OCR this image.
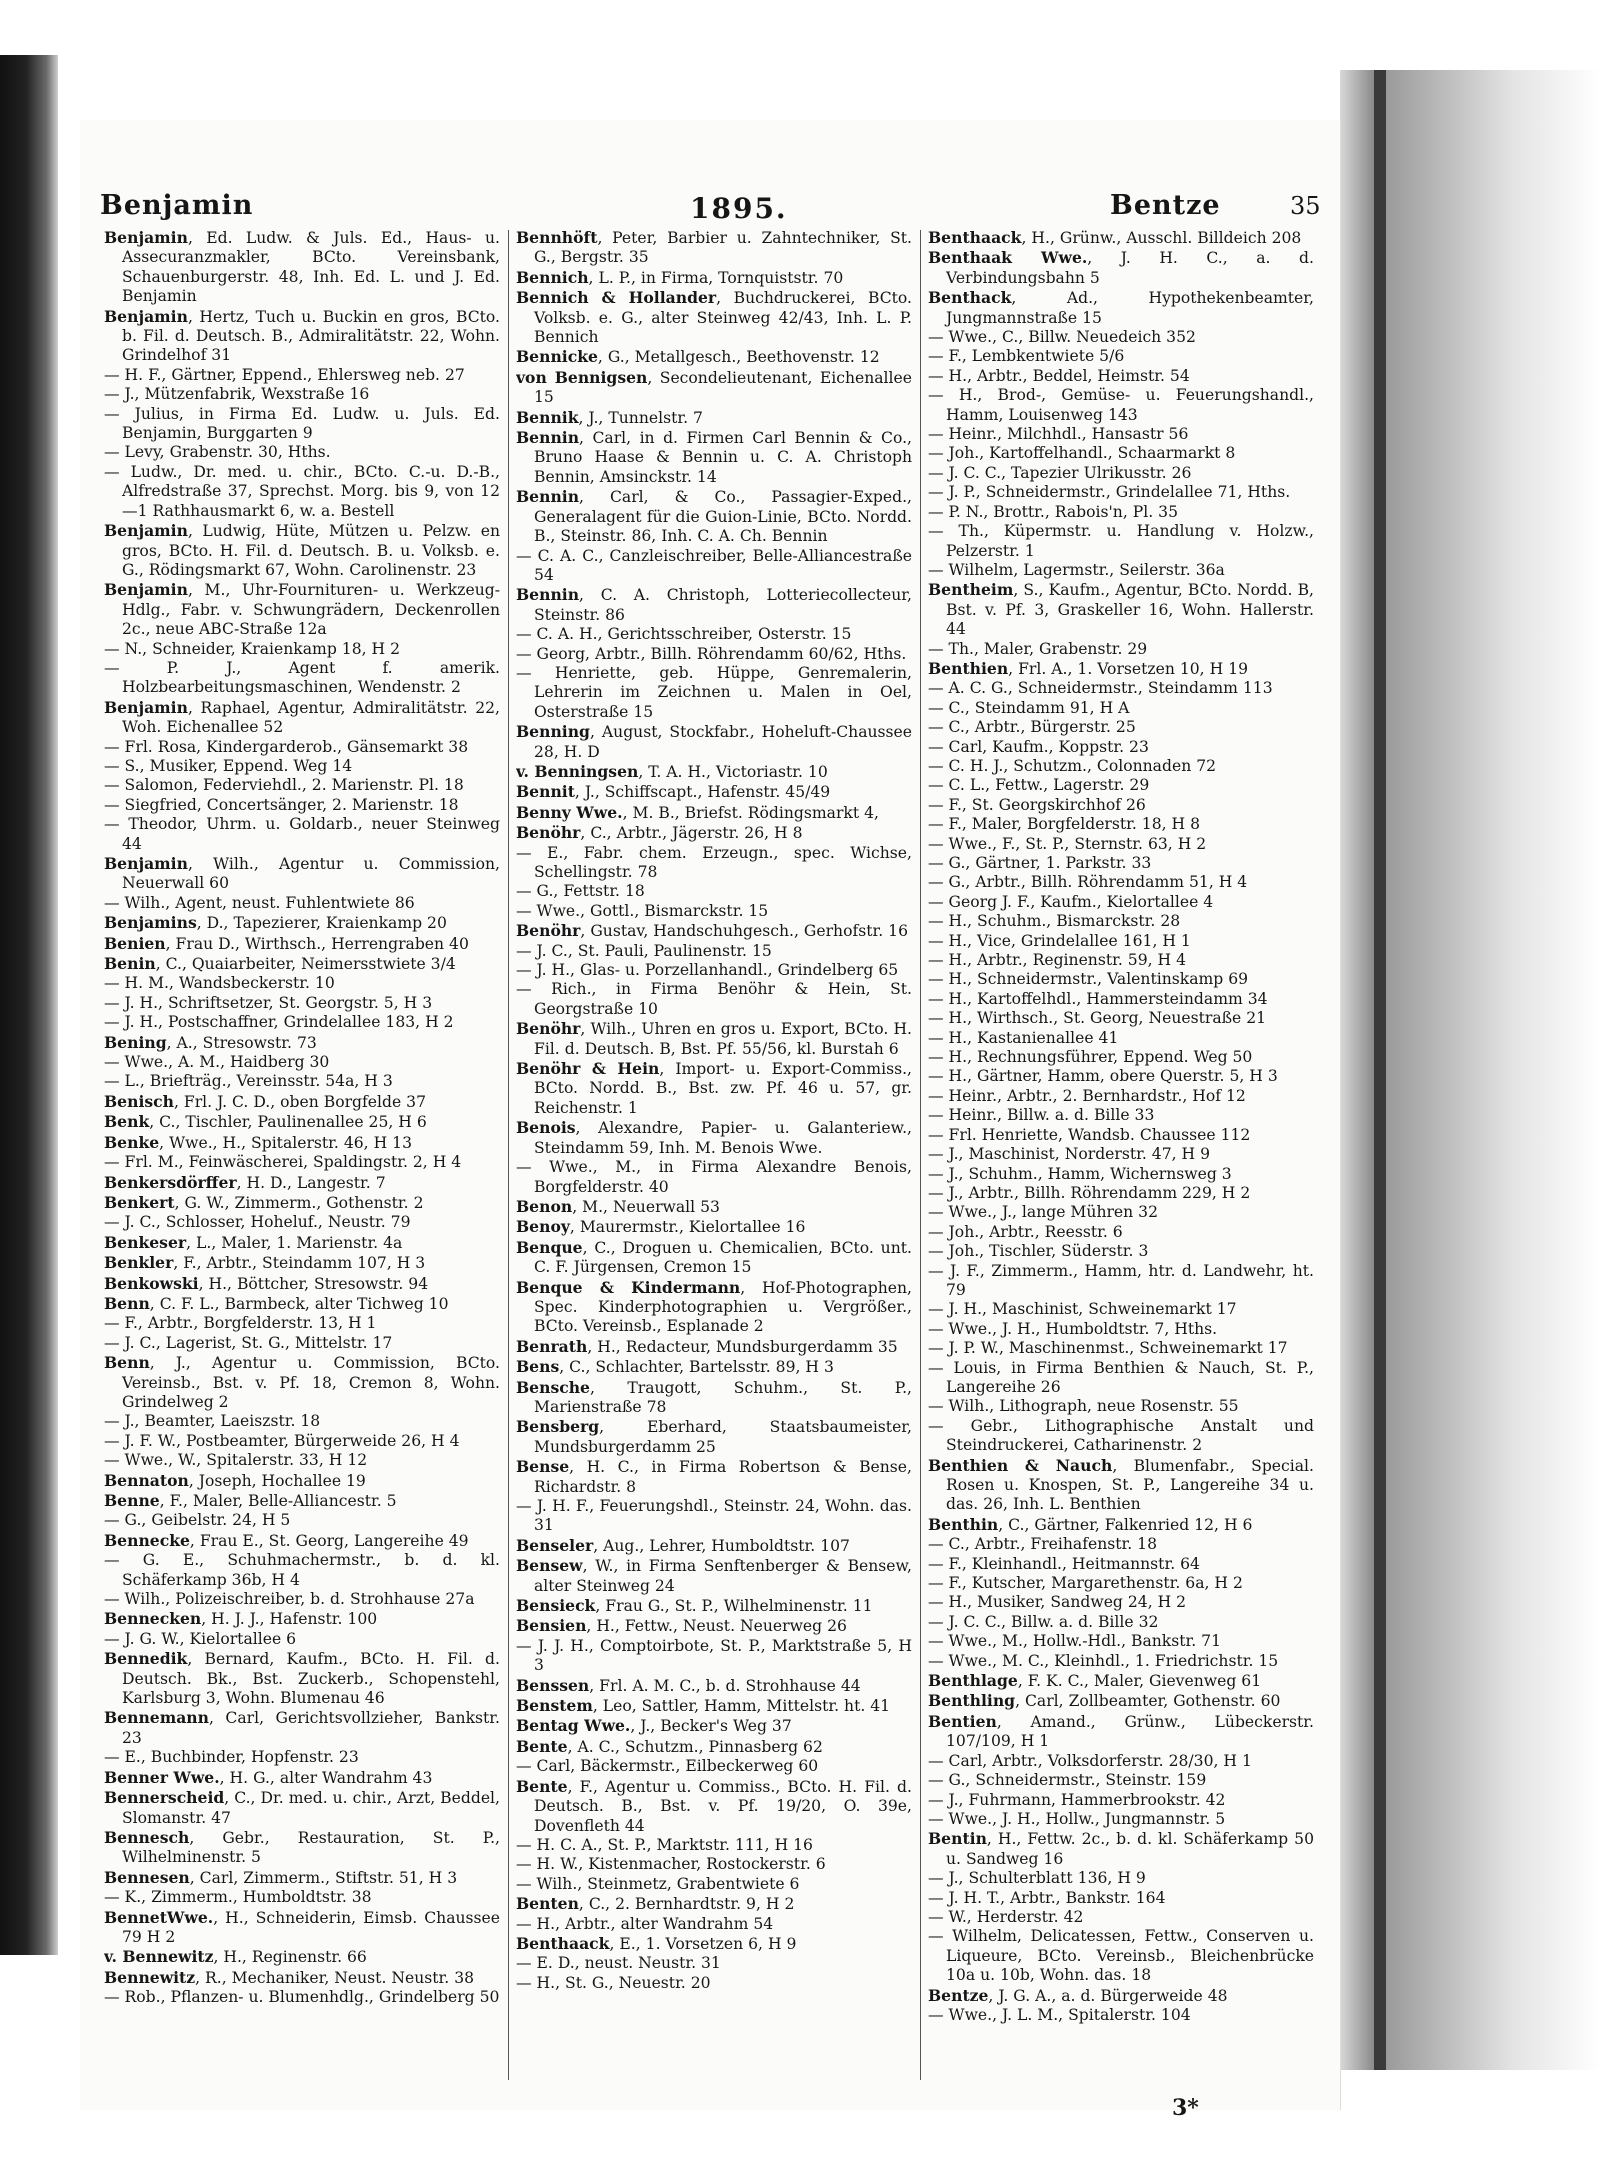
Benjamin	1895.	Bentze	35

Benjamin, Ed. Ludw. & Juls. Ed., Haus- u. Assecuranzmakler, BCto. Vereinsbank, Schauenburgerstr. 48, Inh. Ed. L. und J. Ed. Benjamin

Benjamin, Hertz, Tuch u. Buckin en gros, BCto. b. Fil. d. Deutsch. B., Admiralitätstr. 22, Wohn. Grindelhof 31

— H. F., Gärtner, Eppend., Ehlersweg neb. 27

— J., Mützenfabrik, Wexstraße 16

— Julius, in Firma Ed. Ludw. u. Juls. Ed. Benjamin, Burggarten 9

— Levy, Grabenstr. 30, Hths.

— Ludw., Dr. med. u. chir., BCto. C.-u. D.-B., Alfredstraße 37, Sprechst. Morg. bis 9, von 12—1 Rathhausmarkt 6, w. a. Bestell

Benjamin, Ludwig, Hüte, Mützen u. Pelzw. en gros, BCto. H. Fil. d. Deutsch. B. u. Volksb. e. G., Rödingsmarkt 67, Wohn. Carolinenstr. 23

Benjamin, M., Uhr-Fournituren- u. Werkzeug-Hdlg., Fabr. v. Schwungrädern, Deckenrollen 2c., neue ABC-Straße 12a

— N., Schneider, Kraienkamp 18, H 2

— P. J., Agent f. amerik. Holzbearbeitungsmaschinen, Wendenstr. 2

Benjamin, Raphael, Agentur, Admiralitätstr. 22, Woh. Eichenallee 52

— Frl. Rosa, Kindergarderob., Gänsemarkt 38

— S., Musiker, Eppend. Weg 14

— Salomon, Federviehdl., 2. Marienstr. Pl. 18

— Siegfried, Concertsänger, 2. Marienstr. 18

— Theodor, Uhrm. u. Goldarb., neuer Steinweg 44

Benjamin, Wilh., Agentur u. Commission, Neuerwall 60

— Wilh., Agent, neust. Fuhlentwiete 86

Benjamins, D., Tapezierer, Kraienkamp 20

Benien, Frau D., Wirthsch., Herrengraben 40

Benin, C., Quaiarbeiter, Neimersstwiete 3/4

— H. M., Wandsbeckerstr. 10

— J. H., Schriftsetzer, St. Georgstr. 5, H 3

— J. H., Postschaffner, Grindelallee 183, H 2

Bening, A., Stresowstr. 73

— Wwe., A. M., Haidberg 30

— L., Briefträg., Vereinsstr. 54a, H 3

Benisch, Frl. J. C. D., oben Borgfelde 37

Benk, C., Tischler, Paulinenallee 25, H 6

Benke, Wwe., H., Spitalerstr. 46, H 13

— Frl. M., Feinwäscherei, Spaldingstr. 2, H 4

Benkersdörffer, H. D., Langestr. 7

Benkert, G. W., Zimmerm., Gothenstr. 2

— J. C., Schlosser, Hoheluf., Neustr. 79

Benkeser, L., Maler, 1. Marienstr. 4a

Benkler, F., Arbtr., Steindamm 107, H 3

Benkowski, H., Böttcher, Stresowstr. 94

Benn, C. F. L., Barmbeck, alter Tichweg 10

— F., Arbtr., Borgfelderstr. 13, H 1

— J. C., Lagerist, St. G., Mittelstr. 17

Benn, J., Agentur u. Commission, BCto. Vereinsb., Bst. v. Pf. 18, Cremon 8, Wohn. Grindelweg 2

— J., Beamter, Laeiszstr. 18

— J. F. W., Postbeamter, Bürgerweide 26, H 4

— Wwe., W., Spitalerstr. 33, H 12

Bennaton, Joseph, Hochallee 19

Benne, F., Maler, Belle-Alliancestr. 5

— G., Geibelstr. 24, H 5

Bennecke, Frau E., St. Georg, Langereihe 49

— G. E., Schuhmachermstr., b. d. kl. Schäferkamp 36b, H 4

— Wilh., Polizeischreiber, b. d. Strohhause 27a

Bennecken, H. J. J., Hafenstr. 100

— J. G. W., Kielortallee 6

Bennedik, Bernard, Kaufm., BCto. H. Fil. d. Deutsch. Bk., Bst. Zuckerb., Schopenstehl, Karlsburg 3, Wohn. Blumenau 46

Bennemann, Carl, Gerichtsvollzieher, Bankstr. 23

— E., Buchbinder, Hopfenstr. 23

Benner Wwe., H. G., alter Wandrahm 43

Bennerscheid, C., Dr. med. u. chir., Arzt, Beddel, Slomanstr. 47

Bennesch, Gebr., Restauration, St. P., Wilhelminenstr. 5

Bennesen, Carl, Zimmerm., Stiftstr. 51, H 3

— K., Zimmerm., Humboldtstr. 38

BennetWwe., H., Schneiderin, Eimsb. Chaussee 79 H 2

v. Bennewitz, H., Reginenstr. 66

Bennewitz, R., Mechaniker, Neust. Neustr. 38

— Rob., Pflanzen- u. Blumenhdlg., Grindelberg 50

Bennhöft, Peter, Barbier u. Zahntechniker, St. G., Bergstr. 35

Bennich, L. P., in Firma, Tornquiststr. 70

Bennich & Hollander, Buchdruckerei, BCto. Volksb. e. G., alter Steinweg 42/43, Inh. L. P. Bennich

Bennicke, G., Metallgesch., Beethovenstr. 12

von Bennigsen, Secondelieutenant, Eichenallee 15

Bennik, J., Tunnelstr. 7

Bennin, Carl, in d. Firmen Carl Bennin & Co., Bruno Haase & Bennin u. C. A. Christoph Bennin, Amsinckstr. 14

Bennin, Carl, & Co., Passagier-Exped., Generalagent für die Guion-Linie, BCto. Nordd. B., Steinstr. 86, Inh. C. A. Ch. Bennin

— C. A. C., Canzleischreiber, Belle-Alliancestraße 54

Bennin, C. A. Christoph, Lotteriecollecteur, Steinstr. 86

— C. A. H., Gerichtsschreiber, Osterstr. 15

— Georg, Arbtr., Billh. Röhrendamm 60/62, Hths.

— Henriette, geb. Hüppe, Genremalerin, Lehrerin im Zeichnen u. Malen in Oel, Osterstraße 15

Benning, August, Stockfabr., Hoheluft-Chaussee 28, H. D

v. Benningsen, T. A. H., Victoriastr. 10

Bennit, J., Schiffscapt., Hafenstr. 45/49

Benny Wwe., M. B., Briefst. Rödingsmarkt 4,

Benöhr, C., Arbtr., Jägerstr. 26, H 8

— E., Fabr. chem. Erzeugn., spec. Wichse, Schellingstr. 78

— G., Fettstr. 18

— Wwe., Gottl., Bismarckstr. 15

Benöhr, Gustav, Handschuhgesch., Gerhofstr. 16

— J. C., St. Pauli, Paulinenstr. 15

— J. H., Glas- u. Porzellanhandl., Grindelberg 65

— Rich., in Firma Benöhr & Hein, St. Georgstraße 10

Benöhr, Wilh., Uhren en gros u. Export, BCto. H. Fil. d. Deutsch. B, Bst. Pf. 55/56, kl. Burstah 6

Benöhr & Hein, Import- u. Export-Commiss., BCto. Nordd. B., Bst. zw. Pf. 46 u. 57, gr. Reichenstr. 1

Benois, Alexandre, Papier- u. Galanteriew., Steindamm 59, Inh. M. Benois Wwe.

— Wwe., M., in Firma Alexandre Benois, Borgfelderstr. 40

Benon, M., Neuerwall 53

Benoy, Maurermstr., Kielortallee 16

Benque, C., Droguen u. Chemicalien, BCto. unt. C. F. Jürgensen, Cremon 15

Benque & Kindermann, Hof-Photographen, Spec. Kinderphotographien u. Vergrößer., BCto. Vereinsb., Esplanade 2

Benrath, H., Redacteur, Mundsburgerdamm 35

Bens, C., Schlachter, Bartelsstr. 89, H 3

Bensche, Traugott, Schuhm., St. P., Marienstraße 78

Bensberg, Eberhard, Staatsbaumeister, Mundsburgerdamm 25

Bense, H. C., in Firma Robertson & Bense, Richardstr. 8

— J. H. F., Feuerungshdl., Steinstr. 24, Wohn. das. 31

Benseler, Aug., Lehrer, Humboldtstr. 107

Bensew, W., in Firma Senftenberger & Bensew, alter Steinweg 24

Bensieck, Frau G., St. P., Wilhelminenstr. 11

Bensien, H., Fettw., Neust. Neuerweg 26

— J. J. H., Comptoirbote, St. P., Marktstraße 5, H 3

Benssen, Frl. A. M. C., b. d. Strohhause 44

Benstem, Leo, Sattler, Hamm, Mittelstr. ht. 41

Bentag Wwe., J., Becker's Weg 37

Bente, A. C., Schutzm., Pinnasberg 62

— Carl, Bäckermstr., Eilbeckerweg 60

Bente, F., Agentur u. Commiss., BCto. H. Fil. d. Deutsch. B., Bst. v. Pf. 19/20, O. 39e, Dovenfleth 44

— H. C. A., St. P., Marktstr. 111, H 16

— H. W., Kistenmacher, Rostockerstr. 6

— Wilh., Steinmetz, Grabentwiete 6

Benten, C., 2. Bernhardtstr. 9, H 2

— H., Arbtr., alter Wandrahm 54

Benthaack, E., 1. Vorsetzen 6, H 9

— E. D., neust. Neustr. 31

— H., St. G., Neuestr. 20

Benthaack, H., Grünw., Ausschl. Billdeich 208

Benthaak Wwe., J. H. C., a. d. Verbindungsbahn 5

Benthack, Ad., Hypothekenbeamter, Jungmannstraße 15

— Wwe., C., Billw. Neuedeich 352

— F., Lembkentwiete 5/6

— H., Arbtr., Beddel, Heimstr. 54

— H., Brod-, Gemüse- u. Feuerungshandl., Hamm, Louisenweg 143

— Heinr., Milchhdl., Hansastr 56

— Joh., Kartoffelhandl., Schaarmarkt 8

— J. C. C., Tapezier Ulrikusstr. 26

— J. P., Schneidermstr., Grindelallee 71, Hths.

— P. N., Brottr., Rabois'n, Pl. 35

— Th., Küpermstr. u. Handlung v. Holzw., Pelzerstr. 1

— Wilhelm, Lagermstr., Seilerstr. 36a

Bentheim, S., Kaufm., Agentur, BCto. Nordd. B, Bst. v. Pf. 3, Graskeller 16, Wohn. Hallerstr. 44

— Th., Maler, Grabenstr. 29

Benthien, Frl. A., 1. Vorsetzen 10, H 19

— A. C. G., Schneidermstr., Steindamm 113

— C., Steindamm 91, H A

— C., Arbtr., Bürgerstr. 25

— Carl, Kaufm., Koppstr. 23

— C. H. J., Schutzm., Colonnaden 72

— C. L., Fettw., Lagerstr. 29

— F., St. Georgskirchhof 26

— F., Maler, Borgfelderstr. 18, H 8

— Wwe., F., St. P., Sternstr. 63, H 2

— G., Gärtner, 1. Parkstr. 33

— G., Arbtr., Billh. Röhrendamm 51, H 4

— Georg J. F., Kaufm., Kielortallee 4

— H., Schuhm., Bismarckstr. 28

— H., Vice, Grindelallee 161, H 1

— H., Arbtr., Reginenstr. 59, H 4

— H., Schneidermstr., Valentinskamp 69

— H., Kartoffelhdl., Hammersteindamm 34

— H., Wirthsch., St. Georg, Neuestraße 21

— H., Kastanienallee 41

— H., Rechnungsführer, Eppend. Weg 50

— H., Gärtner, Hamm, obere Querstr. 5, H 3

— Heinr., Arbtr., 2. Bernhardstr., Hof 12

— Heinr., Billw. a. d. Bille 33

— Frl. Henriette, Wandsb. Chaussee 112

— J., Maschinist, Norderstr. 47, H 9

— J., Schuhm., Hamm, Wichernsweg 3

— J., Arbtr., Billh. Röhrendamm 229, H 2

— Wwe., J., lange Mühren 32

— Joh., Arbtr., Reesstr. 6

— Joh., Tischler, Süderstr. 3

— J. F., Zimmerm., Hamm, htr. d. Landwehr, ht. 79

— J. H., Maschinist, Schweinemarkt 17

— Wwe., J. H., Humboldtstr. 7, Hths.

— J. P. W., Maschinenmst., Schweinemarkt 17

— Louis, in Firma Benthien & Nauch, St. P., Langereihe 26

— Wilh., Lithograph, neue Rosenstr. 55

— Gebr., Lithographische Anstalt und Steindruckerei, Catharinenstr. 2

Benthien & Nauch, Blumenfabr., Special. Rosen u. Knospen, St. P., Langereihe 34 u. das. 26, Inh. L. Benthien

Benthin, C., Gärtner, Falkenried 12, H 6

— C., Arbtr., Freihafenstr. 18

— F., Kleinhandl., Heitmannstr. 64

— F., Kutscher, Margarethenstr. 6a, H 2

— H., Musiker, Sandweg 24, H 2

— J. C. C., Billw. a. d. Bille 32

— Wwe., M., Hollw.-Hdl., Bankstr. 71

— Wwe., M. C., Kleinhdl., 1. Friedrichstr. 15

Benthlage, F. K. C., Maler, Gievenweg 61

Benthling, Carl, Zollbeamter, Gothenstr. 60

Bentien, Amand., Grünw., Lübeckerstr. 107/109, H 1

— Carl, Arbtr., Volksdorferstr. 28/30, H 1

— G., Schneidermstr., Steinstr. 159

— J., Fuhrmann, Hammerbrookstr. 42

— Wwe., J. H., Hollw., Jungmannstr. 5

Bentin, H., Fettw. 2c., b. d. kl. Schäferkamp 50 u. Sandweg 16

— J., Schulterblatt 136, H 9

— J. H. T., Arbtr., Bankstr. 164

— W., Herderstr. 42

— Wilhelm, Delicatessen, Fettw., Conserven u. Liqueure, BCto. Vereinsb., Bleichenbrücke 10a u. 10b, Wohn. das. 18

Bentze, J. G. A., a. d. Bürgerweide 48

— Wwe., J. L. M., Spitalerstr. 104

3*
